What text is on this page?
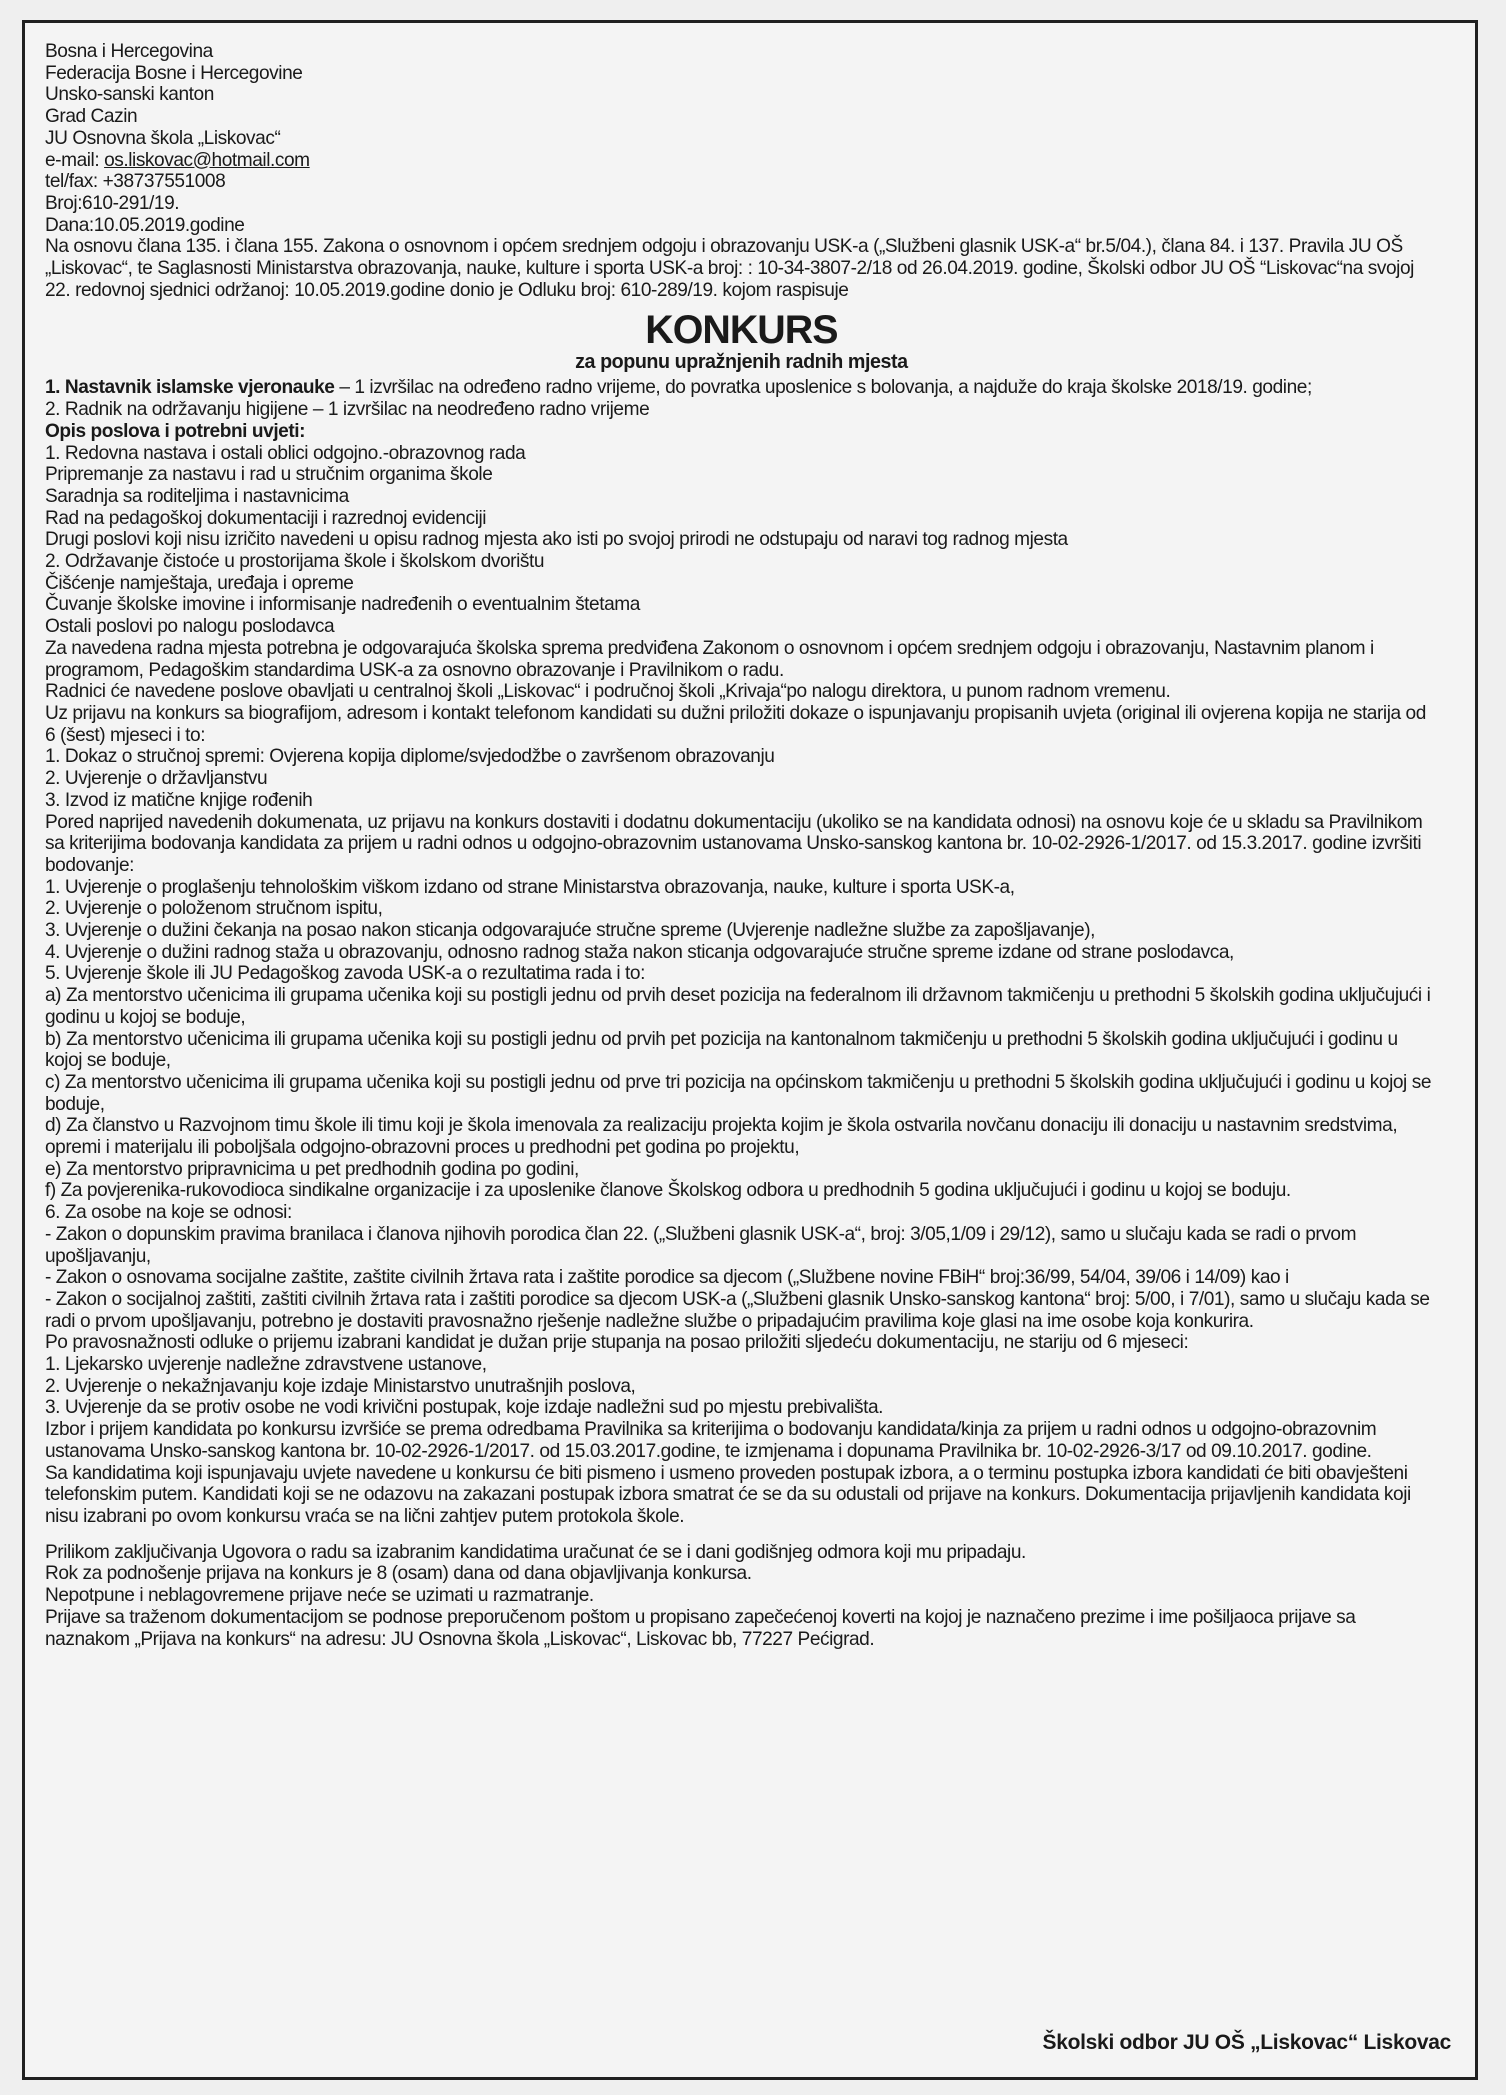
Bosna i Hercegovina
Federacija Bosne i Hercegovine
Unsko-sanski kanton
Grad Cazin
JU Osnovna škola „Liskovac“
e-mail: os.liskovac@hotmail.com
tel/fax: +38737551008
Broj:610-291/19.
Dana:10.05.2019.godine
Na osnovu člana 135. i člana 155. Zakona o osnovnom i općem srednjem odgoju i obrazovanju USK-a („Službeni glasnik USK-a“ br.5/04.), člana 84. i 137. Pravila JU OŠ „Liskovac“, te Saglasnosti Ministarstva obrazovanja, nauke, kulture i sporta USK-a broj: : 10-34-3807-2/18 od 26.04.2019. godine, Školski odbor JU OŠ “Liskovac“na svojoj 22. redovnoj sjednici održanoj: 10.05.2019.godine donio je Odluku broj: 610-289/19. kojom raspisuje
KONKURS
za popunu upražnjenih radnih mjesta
1. Nastavnik islamske vjeronauke – 1 izvršilac na određeno radno vrijeme, do povratka uposlenice s bolovanja, a najduže do kraja školske 2018/19. godine;
2. Radnik na održavanju higijene – 1 izvršilac na neodređeno radno vrijeme
Opis poslova i potrebni uvjeti:
1. Redovna nastava i ostali oblici odgojno.-obrazovnog rada
Pripremanje za nastavu i rad u stručnim organima škole
Saradnja sa roditeljima i nastavnicima
Rad na pedagoškoj dokumentaciji i razrednoj evidenciji
Drugi poslovi koji nisu izričito navedeni u opisu radnog mjesta ako isti po svojoj prirodi ne odstupaju od naravi tog radnog mjesta
2. Održavanje čistoće u prostorijama škole i školskom dvorištu
Čišćenje namještaja, uređaja i opreme
Čuvanje školske imovine i informisanje nadređenih o eventualnim štetama
Ostali poslovi po nalogu poslodavca
Za navedena radna mjesta potrebna je odgovarajuća školska sprema predviđena Zakonom o osnovnom i općem srednjem odgoju i obrazovanju, Nastavnim planom i programom, Pedagoškim standardima USK-a za osnovno obrazovanje i Pravilnikom o radu.
Radnici će navedene poslove obavljati u centralnoj školi „Liskovac“ i područnoj školi „Krivaja“po nalogu direktora, u punom radnom vremenu.
Uz prijavu na konkurs sa biografijom, adresom i kontakt telefonom kandidati su dužni priložiti dokaze o ispunjavanju propisanih uvjeta (original ili ovjerena kopija ne starija od 6 (šest) mjeseci i to:
1. Dokaz o stručnoj spremi: Ovjerena kopija diplome/svjedodžbe o završenom obrazovanju
2. Uvjerenje o državljanstvu
3. Izvod iz matične knjige rođenih
Pored naprijed navedenih dokumenata, uz prijavu na konkurs dostaviti i dodatnu dokumentaciju (ukoliko se na kandidata odnosi) na osnovu koje će u skladu sa Pravilnikom sa kriterijima bodovanja kandidata za prijem u radni odnos u odgojno-obrazovnim ustanovama Unsko-sanskog kantona br. 10-02-2926-1/2017. od 15.3.2017. godine izvršiti bodovanje:
1. Uvjerenje o proglašenju tehnološkim viškom izdano od strane Ministarstva obrazovanja, nauke, kulture i sporta USK-a,
2. Uvjerenje o položenom stručnom ispitu,
3. Uvjerenje o dužini čekanja na posao nakon sticanja odgovarajuće stručne spreme (Uvjerenje nadležne službe za zapošljavanje),
4. Uvjerenje o dužini radnog staža u obrazovanju, odnosno radnog staža nakon sticanja odgovarajuće stručne spreme izdane od strane poslodavca,
5. Uvjerenje škole ili JU Pedagoškog zavoda USK-a o rezultatima rada i to:
a) Za mentorstvo učenicima ili grupama učenika koji su postigli jednu od prvih deset pozicija na federalnom ili državnom takmičenju u prethodni 5 školskih godina uključujući i godinu u kojoj se boduje,
b) Za mentorstvo učenicima ili grupama učenika koji su postigli jednu od prvih pet pozicija na kantonalnom takmičenju u prethodni 5 školskih godina uključujući i godinu u kojoj se boduje,
c) Za mentorstvo učenicima ili grupama učenika koji su postigli jednu od prve tri pozicija na općinskom takmičenju u prethodni 5 školskih godina uključujući i godinu u kojoj se boduje,
d) Za članstvo u Razvojnom timu škole ili timu koji je škola imenovala za realizaciju projekta kojim je škola ostvarila novčanu donaciju ili donaciju u nastavnim sredstvima, opremi i materijalu ili poboljšala odgojno-obrazovni proces u predhodni pet godina po projektu,
e) Za mentorstvo pripravnicima u pet predhodnih godina po godini,
f) Za povjerenika-rukovodioca sindikalne organizacije i za uposlenike članove Školskog odbora u predhodnih 5 godina uključujući i godinu u kojoj se boduju.
6. Za osobe na koje se odnosi:
- Zakon o dopunskim pravima branilaca i članova njihovih porodica član 22. („Službeni glasnik USK-a“, broj: 3/05,1/09 i 29/12), samo u slučaju kada se radi o prvom upošljavanju,
- Zakon o osnovama socijalne zaštite, zaštite civilnih žrtava rata i zaštite porodice sa djecom („Službene novine FBiH“ broj:36/99, 54/04, 39/06 i 14/09) kao i
- Zakon o socijalnoj zaštiti, zaštiti civilnih žrtava rata i zaštiti porodice sa djecom USK-a („Službeni glasnik Unsko-sanskog kantona“ broj: 5/00, i 7/01), samo u slučaju kada se radi o prvom upošljavanju, potrebno je dostaviti pravosnažno rješenje nadležne službe o pripadajućim pravilima koje glasi na ime osobe koja konkurira.
Po pravosnažnosti odluke o prijemu izabrani kandidat je dužan prije stupanja na posao priložiti sljedeću dokumentaciju, ne stariju od 6 mjeseci:
1. Ljekarsko uvjerenje nadležne zdravstvene ustanove,
2. Uvjerenje o nekažnjavanju koje izdaje Ministarstvo unutrašnjih poslova,
3. Uvjerenje da se protiv osobe ne vodi krivični postupak, koje izdaje nadležni sud po mjestu prebivališta.
Izbor i prijem kandidata po konkursu izvršiće se prema odredbama Pravilnika sa kriterijima o bodovanju kandidata/kinja za prijem u radni odnos u odgojno-obrazovnim ustanovama Unsko-sanskog kantona br. 10-02-2926-1/2017. od 15.03.2017.godine, te izmjenama i dopunama Pravilnika br. 10-02-2926-3/17 od 09.10.2017. godine.
Sa kandidatima koji ispunjavaju uvjete navedene u konkursu će biti pismeno i usmeno proveden postupak izbora, a o terminu postupka izbora kandidati će biti obavješteni telefonskim putem. Kandidati koji se ne odazovu na zakazani postupak izbora smatrat će se da su odustali od prijave na konkurs. Dokumentacija prijavljenih kandidata koji nisu izabrani po ovom konkursu vraća se na lični zahtjev putem protokola škole.
Prilikom zaključivanja Ugovora o radu sa izabranim kandidatima uračunat će se i dani godišnjeg odmora koji mu pripadaju.
Rok za podnošenje prijava na konkurs je 8 (osam) dana od dana objavljivanja konkursa.
Nepotpune i neblagovremene prijave neće se uzimati u razmatranje.
Prijave sa traženom dokumentacijom se podnose preporučenom poštom u propisano zapečećenoj koverti na kojoj je naznačeno prezime i ime pošiljaoca prijave sa naznakom „Prijava na konkurs“ na adresu: JU Osnovna škola „Liskovac“, Liskovac bb, 77227 Pećigrad.
Školski odbor JU OŠ „Liskovac“ Liskovac
